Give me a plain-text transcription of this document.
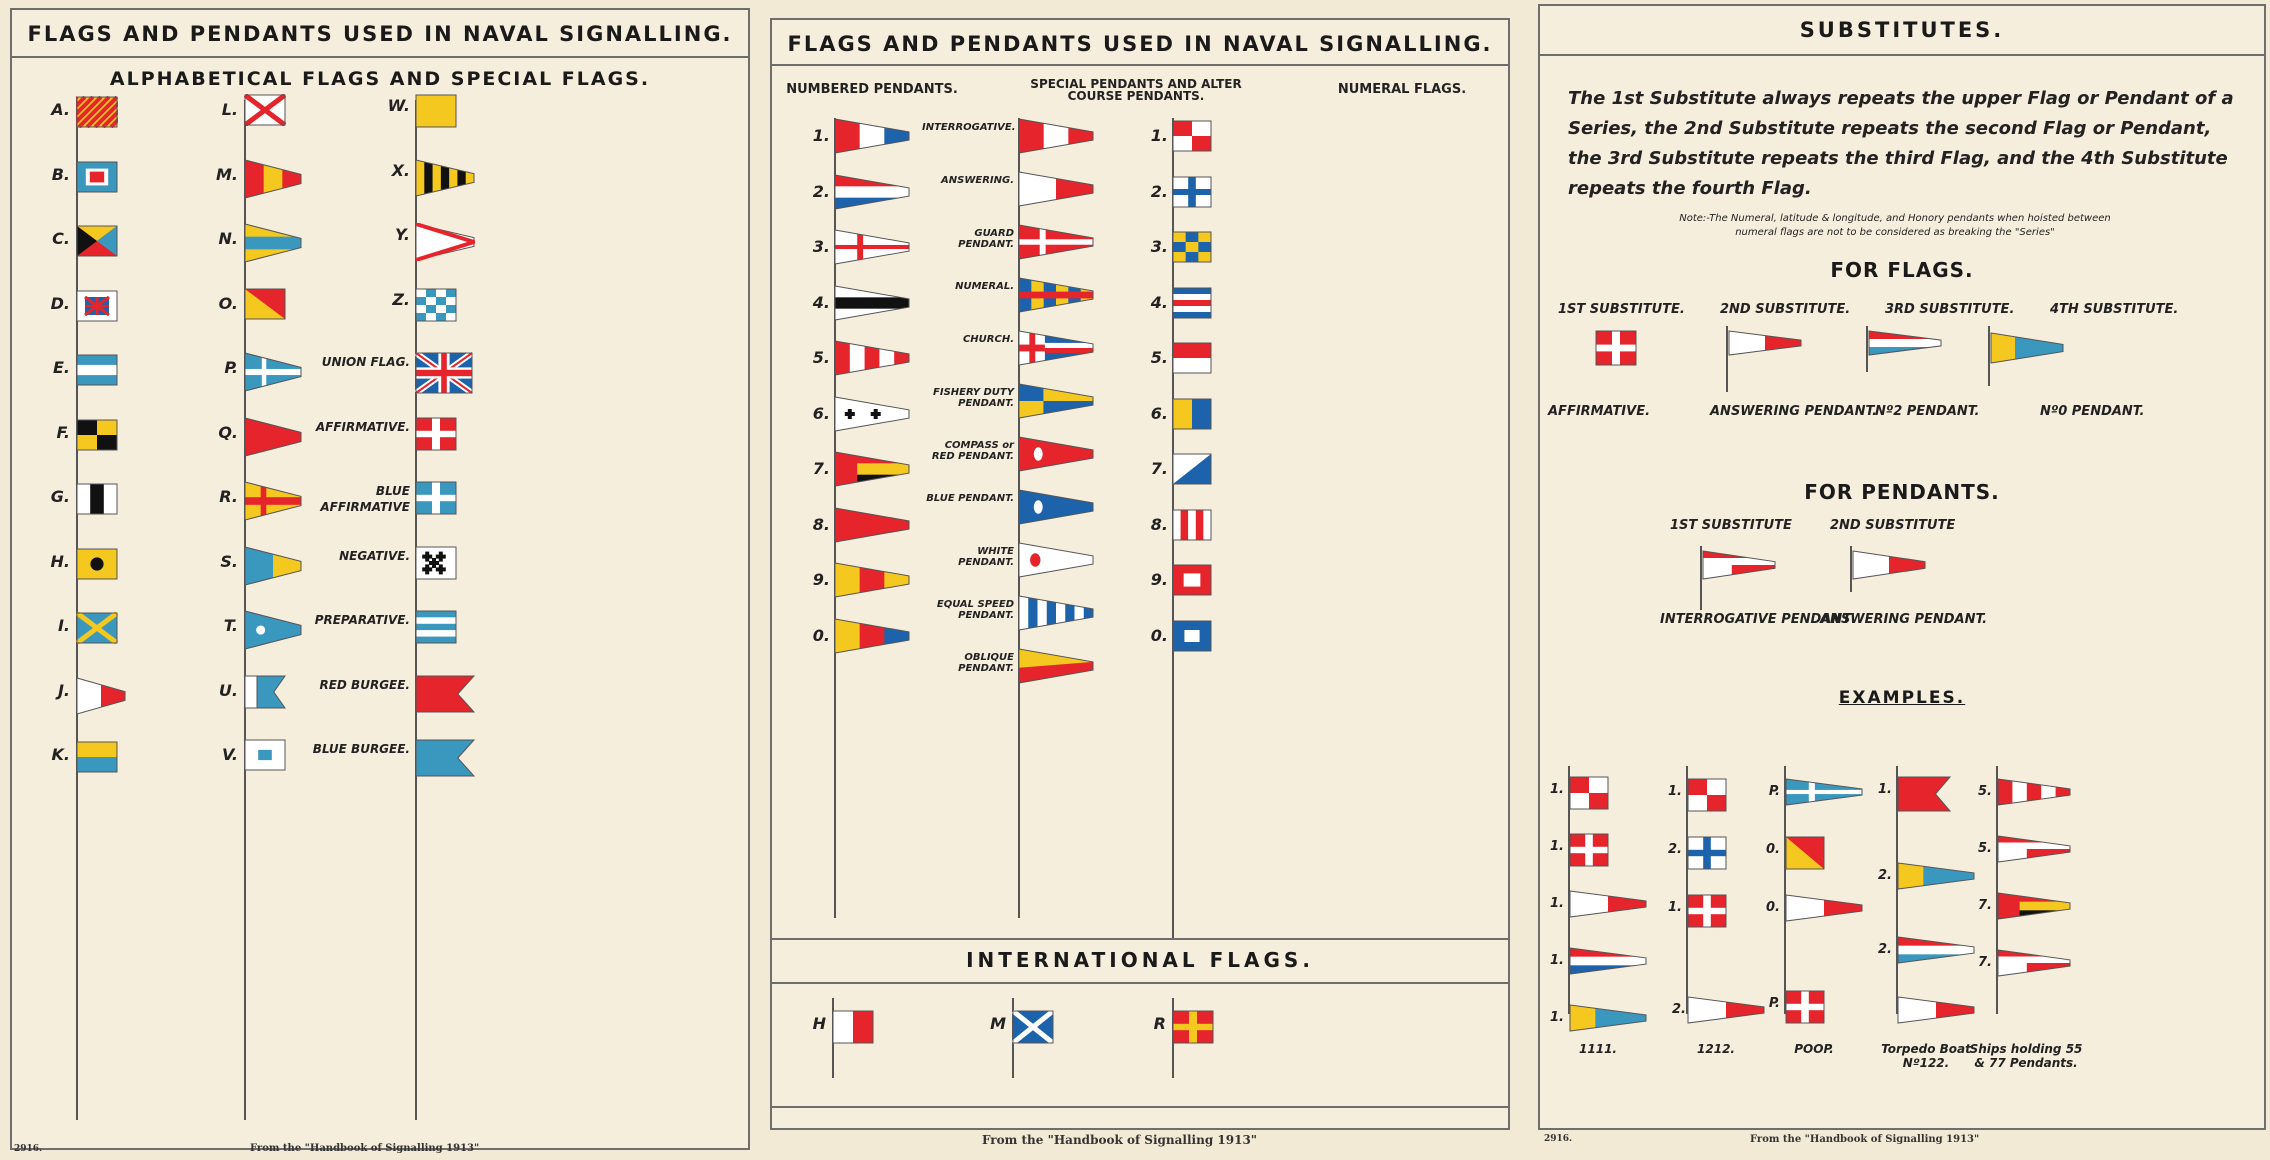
FLAGS AND PENDANTS USED IN NAVAL SIGNALLING.
ALPHABETICAL FLAGS AND SPECIAL FLAGS.
A.
B.
C.
D.
E.
F.
G.
H.
I.
J.
K.
L.
M.
N.
O.
P.
Q.
R.
S.
T.
U.
V.
W.
X.
Y.
Z.
UNION FLAG.
AFFIRMATIVE.
BLUE AFFIRMATIVE
NEGATIVE.
PREPARATIVE.
RED BURGEE.
BLUE BURGEE.
2916.	From the "Handbook of Signalling 1913"
FLAGS AND PENDANTS USED IN NAVAL SIGNALLING.
INTERNATIONAL FLAGS.
NUMBERED PENDANTS.	SPECIAL PENDANTS AND ALTER COURSE PENDANTS.	NUMERAL FLAGS.
1.
2.
3.
4.
5.
6.
7.
8.
9.
0.
INTERROGATIVE.
ANSWERING.
GUARD PENDANT.
NUMERAL.
CHURCH.
FISHERY DUTY PENDANT.
COMPASS or RED PENDANT.
BLUE PENDANT.
WHITE PENDANT.
EQUAL SPEED PENDANT.
OBLIQUE PENDANT.
1.
2.
3.
4.
5.
6.
7.
8.
9.
0.
H	M	R
From the "Handbook of Signalling 1913"
SUBSTITUTES.
The 1st Substitute always repeats the upper Flag or Pendant of a Series, the 2nd Substitute repeats the second Flag or Pendant, the 3rd Substitute repeats the third Flag, and the 4th Substitute repeats the fourth Flag.
Note:-The Numeral, latitude & longitude, and Honory pendants when hoisted between numeral flags are not to be considered as breaking the "Series"
FOR FLAGS.
FOR PENDANTS.
EXAMPLES.
1ST SUBSTITUTE.	2ND SUBSTITUTE.	3RD SUBSTITUTE.	4TH SUBSTITUTE.
AFFIRMATIVE.	ANSWERING PENDANT.
Nº2 PENDANT.	Nº0 PENDANT.
1ST SUBSTITUTE	2ND SUBSTITUTE
INTERROGATIVE PENDANT
ANSWERING PENDANT.
1.
1.
1.
1.
1.
1111.
1.
2.
1.
2.
1212.
P.
0.
0.
P.
POOP.
1.
2.
2.
Torpedo Boat Nº122.
5.
5.
7.
7.
Ships holding 55 & 77 Pendants.
2916.	From the "Handbook of Signalling 1913"
